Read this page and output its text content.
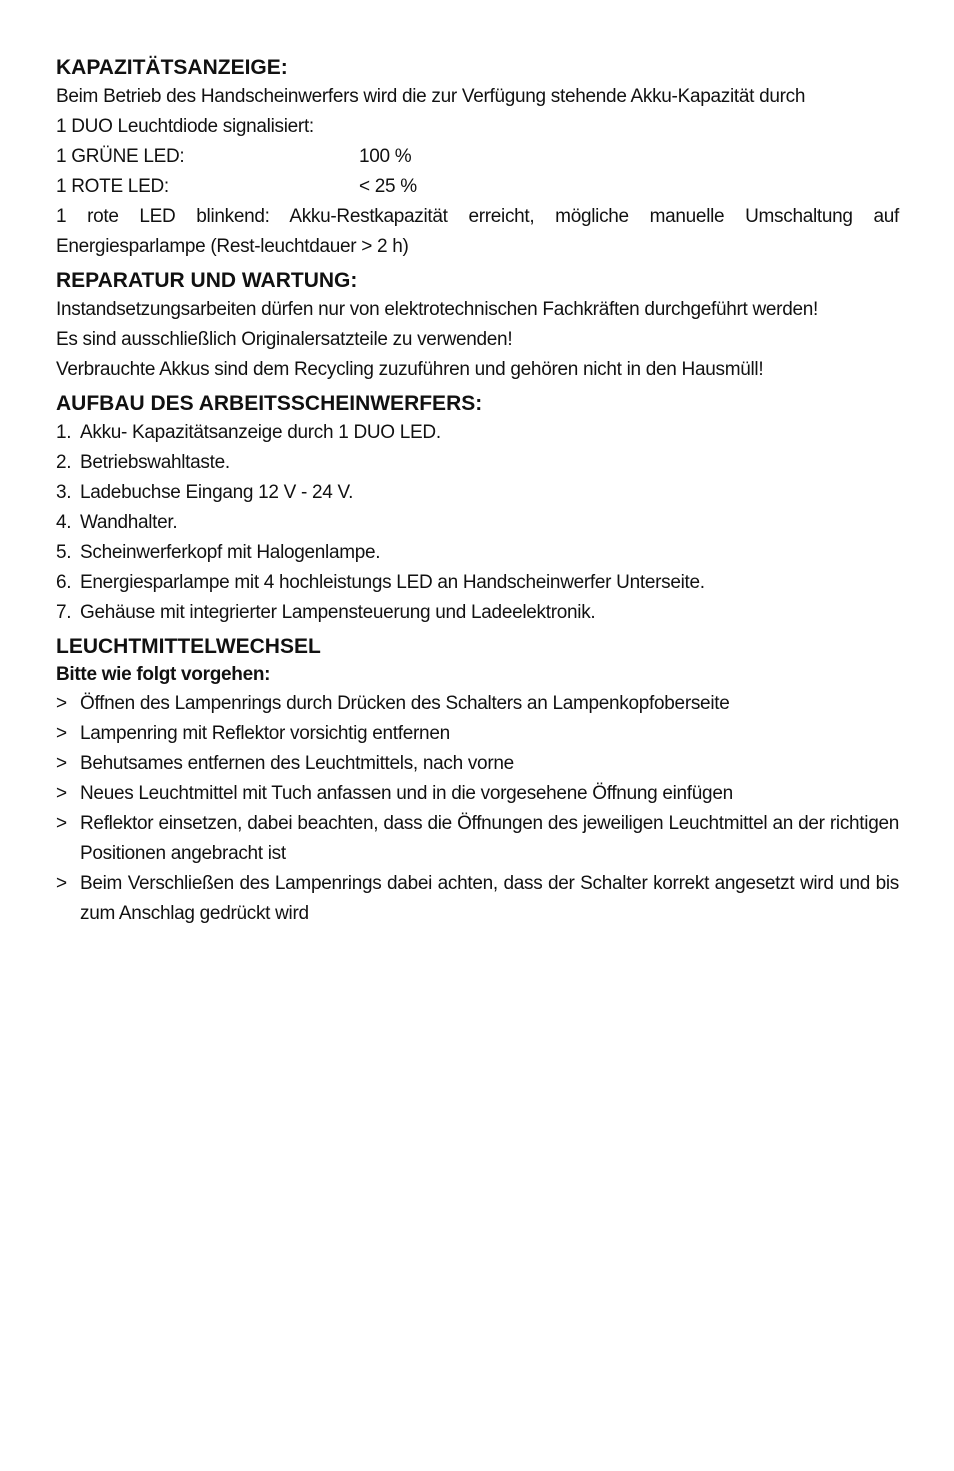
KAPAZITÄTSANZEIGE:

Beim Betrieb des Handscheinwerfers wird die zur Verfügung stehende Akku-Kapazität durch

1 DUO Leuchtdiode signalisiert:

1 GRÜNE LED:	100 %
1 ROTE LED:	< 25 %

1 rote LED blinkend: Akku-Restkapazität erreicht, mögliche manuelle Umschaltung auf Energiesparlampe (Rest-leuchtdauer > 2 h)

REPARATUR UND WARTUNG:

Instandsetzungsarbeiten dürfen nur von elektrotechnischen Fachkräften durchgeführt werden!

Es sind ausschließlich Originalersatzteile zu verwenden!

Verbrauchte Akkus sind dem Recycling zuzuführen und gehören nicht in den Hausmüll!

AUFBAU DES ARBEITSSCHEINWERFERS:
1. Akku- Kapazitätsanzeige durch 1 DUO LED.
2. Betriebswahltaste.
3. Ladebuchse Eingang 12 V - 24 V.
4. Wandhalter.
5. Scheinwerferkopf mit Halogenlampe.
6. Energiesparlampe mit 4 hochleistungs LED an Handscheinwerfer Unterseite.
7. Gehäuse mit integrierter Lampensteuerung und Ladeelektronik.
LEUCHTMITTELWECHSEL
Bitte wie folgt vorgehen:
> Öffnen des Lampenrings durch Drücken des Schalters an Lampenkopfoberseite
> Lampenring mit Reflektor vorsichtig entfernen
> Behutsames entfernen des Leuchtmittels, nach vorne
> Neues Leuchtmittel mit Tuch anfassen und in die vorgesehene Öffnung einfügen
> Reflektor einsetzen, dabei beachten, dass die Öffnungen des jeweiligen Leuchtmittel an der richtigen Positionen angebracht ist
> Beim Verschließen des Lampenrings dabei achten, dass der Schalter korrekt angesetzt wird und bis zum Anschlag gedrückt wird
